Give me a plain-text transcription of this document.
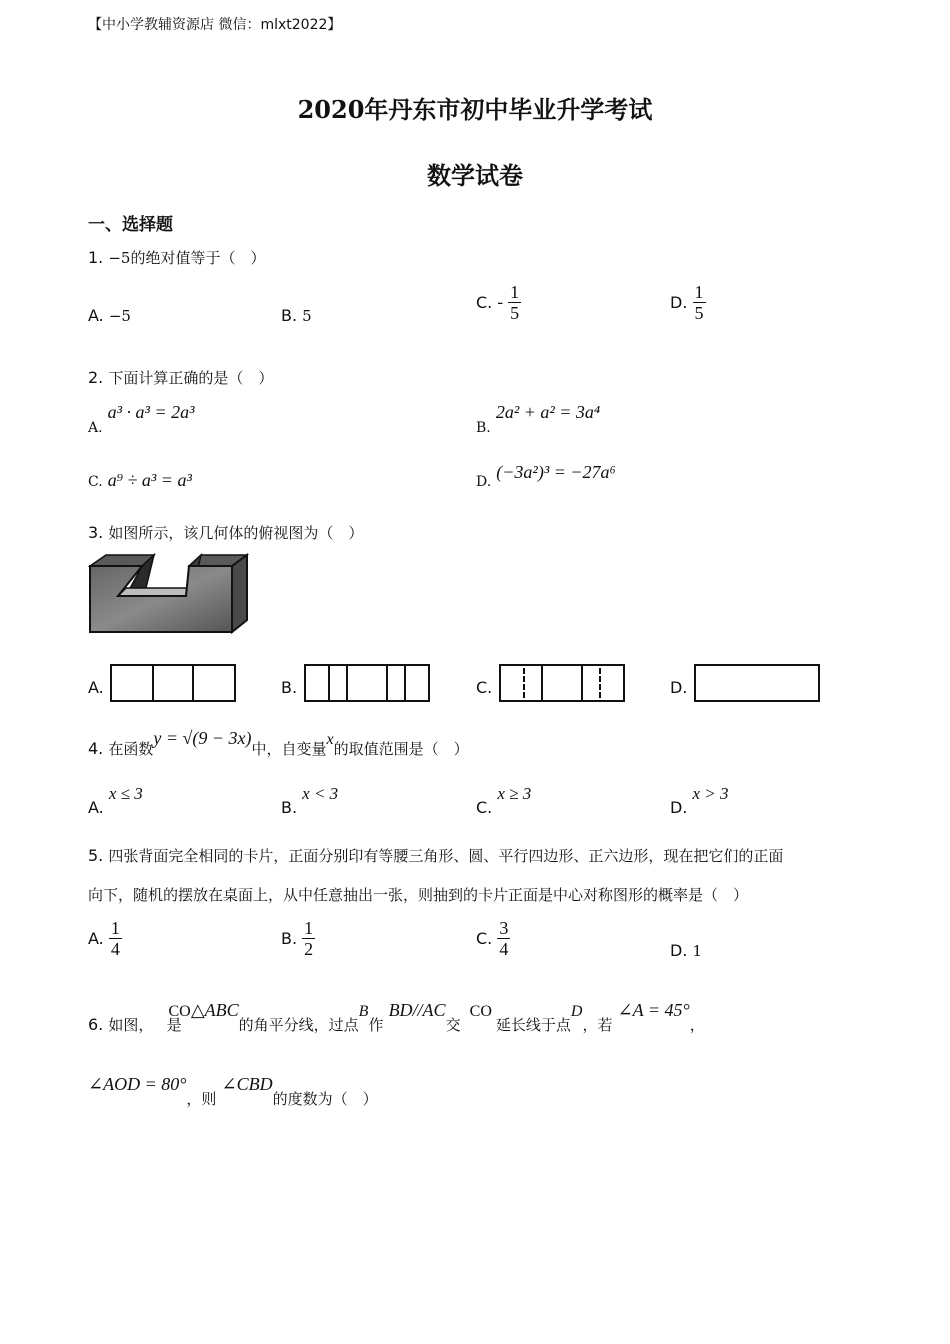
【中小学教辅资源店 微信：mlxt2022】
2020年丹东市初中毕业升学考试
数学试卷
一、选择题
1. −5的绝对值等于（　）
A. −5	B. 5
C. - $\frac{1}{5}$	D. $\frac{1}{5}$
2. 下面计算正确的是（　）
A. a³ · a³ = 2a³
B. 2a² + a² = 3a⁴
C. a⁹ ÷ a³ = a³	D. (−3a²)³ = −27a⁶
3. 如图所示，该几何体的俯视图为（　）
A.	B.	C.	D.
4. 在函数y = √(9 − 3x)中，自变量x的取值范围是（　）
A. x ≤ 3
B. x < 3
C. x ≥ 3
D. x > 3
5. 四张背面完全相同的卡片，正面分别印有等腰三角形、圆、平行四边形、正六边形，现在把它们的正面
向下，随机的摆放在桌面上，从中任意抽出一张，则抽到的卡片正面是中心对称图形的概率是（　）
A. $\frac{1}{4}$	B. $\frac{1}{2}$	C. $\frac{3}{4}$	D. 1
6. 如图， CO是 △ABC的角平分线，过点B作 BD//AC交 CO延长线于点D，若 ∠A = 45°，
∠AOD = 80°，则 ∠CBD的度数为（　）
